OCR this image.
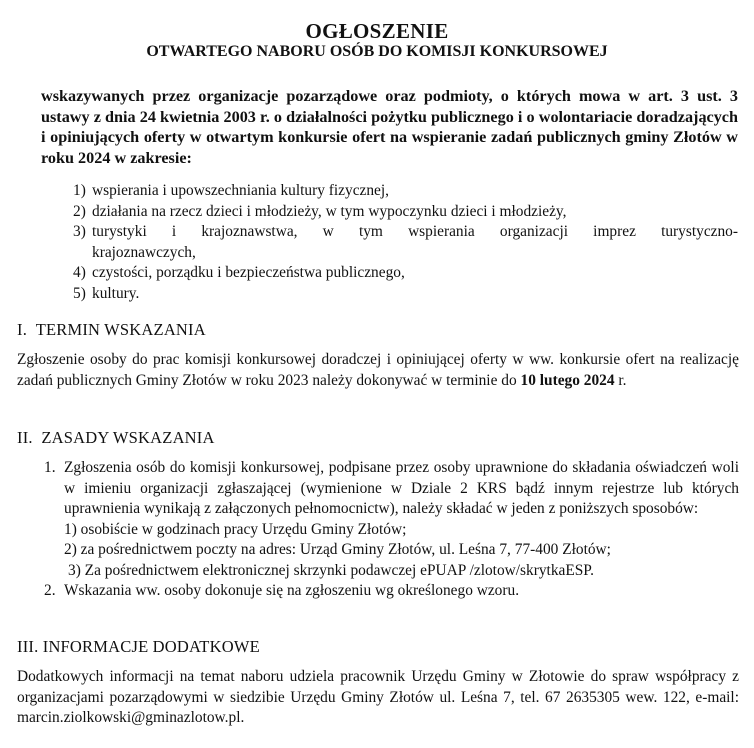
OGŁOSZENIE
OTWARTEGO NABORU OSÓB DO KOMISJI KONKURSOWEJ

wskazywanych przez organizacje pozarządowe oraz podmioty, o których mowa w art. 3 ust. 3 ustawy z dnia 24 kwietnia 2003 r. o działalności pożytku publicznego i o wolontariacie doradzających i opiniujących oferty w otwartym konkursie ofert na wspieranie zadań publicznych gminy Złotów w roku 2024 w zakresie:

1) wspierania i upowszechniania kultury fizycznej,
2) działania na rzecz dzieci i młodzieży, w tym wypoczynku dzieci i młodzieży,
3) turystyki i krajoznawstwa, w tym wspierania organizacji imprez turystyczno-
krajoznawczych,
4) czystości, porządku i bezpieczeństwa publicznego,
5) kultury.
I. TERMIN WSKAZANIA

Zgłoszenie osoby do prac komisji konkursowej doradczej i opiniującej oferty w ww. konkursie ofert na realizację zadań publicznych Gminy Złotów w roku 2023 należy dokonywać w terminie do 10 lutego 2024 r.

II. ZASADY WSKAZANIA
1. Zgłoszenia osób do komisji konkursowej, podpisane przez osoby uprawnione do składania oświadczeń woli w imieniu organizacji zgłaszającej (wymienione w Dziale 2 KRS bądź innym rejestrze lub których uprawnienia wynikają z załączonych pełnomocnictw), należy składać w jeden z poniższych sposobów:
1) osobiście w godzinach pracy Urzędu Gminy Złotów;
2) za pośrednictwem poczty na adres: Urząd Gminy Złotów, ul. Leśna 7, 77-400 Złotów;
3) Za pośrednictwem elektronicznej skrzynki podawczej ePUAP /zlotow/skrytkaESP.
2. Wskazania ww. osoby dokonuje się na zgłoszeniu wg określonego wzoru.
III. INFORMACJE DODATKOWE

Dodatkowych informacji na temat naboru udziela pracownik Urzędu Gminy w Złotowie do spraw współpracy z organizacjami pozarządowymi w siedzibie Urzędu Gminy Złotów ul. Leśna 7, tel. 67 2635305 wew. 122, e-mail: marcin.ziolkowski@gminazlotow.pl.
